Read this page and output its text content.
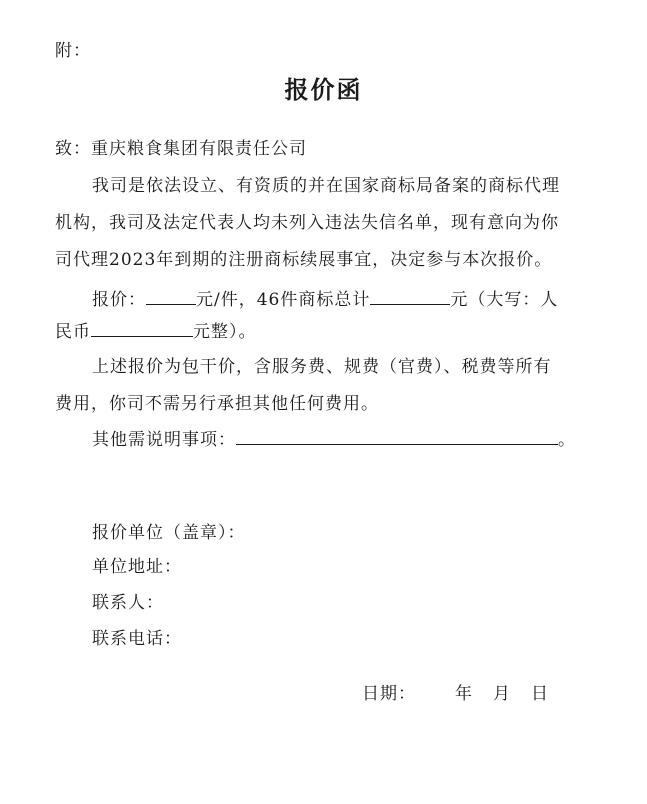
附：
报价函
致：重庆粮食集团有限责任公司
我司是依法设立、有资质的并在国家商标局备案的商标代理
机构，我司及法定代表人均未列入违法失信名单，现有意向为你
司代理2023年到期的注册商标续展事宜，决定参与本次报价。
报价：	元/件，46件商标总计	元（大写：人
民币	元整）。
上述报价为包干价，含服务费、规费（官费）、税费等所有
费用，你司不需另行承担其他任何费用。
其他需说明事项：	。
报价单位（盖章）：
单位地址：
联系人：
联系电话：
日期： 年 月 日
